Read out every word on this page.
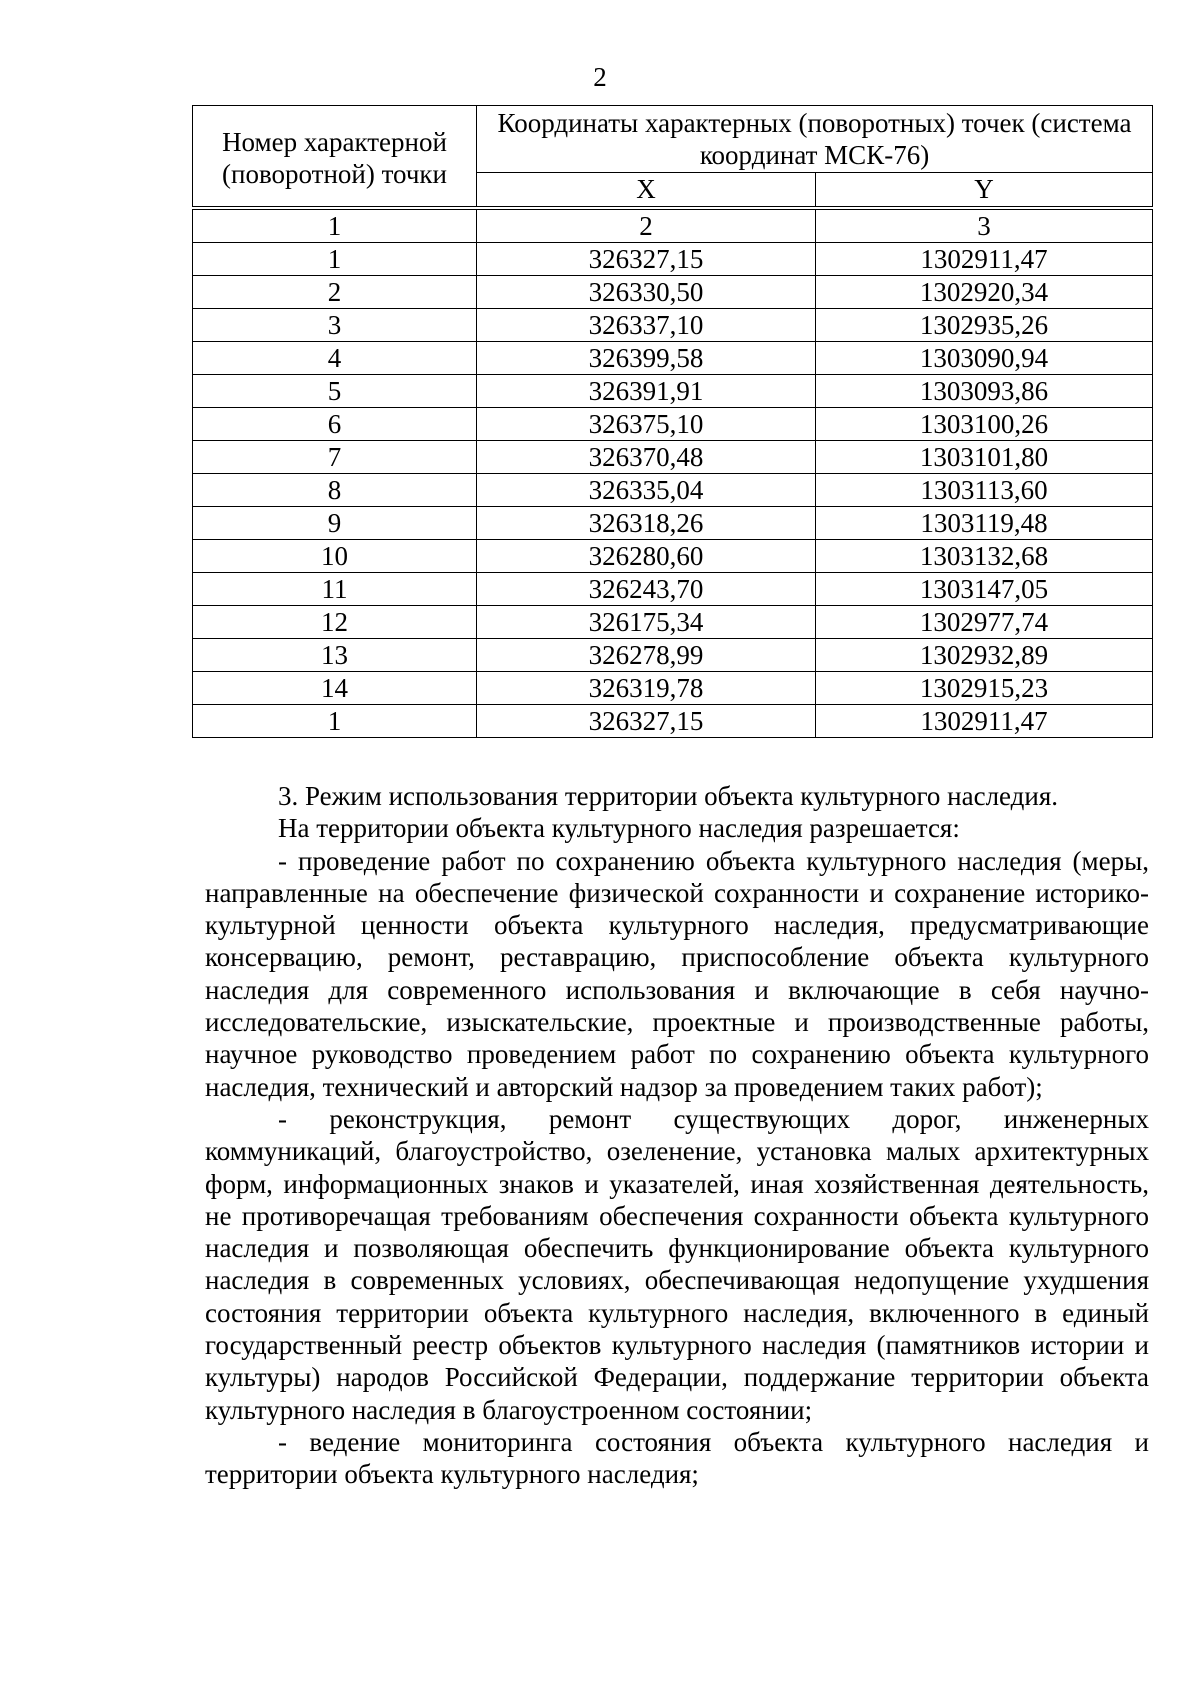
2
Номер характерной (поворотной) точки	Координаты характерных (поворотных) точек (система координат МСК-76)	
	X	Y
1	2	3
1	326327,15	1302911,47
2	326330,50	1302920,34
3	326337,10	1302935,26
4	326399,58	1303090,94
5	326391,91	1303093,86
6	326375,10	1303100,26
7	326370,48	1303101,80
8	326335,04	1303113,60
9	326318,26	1303119,48
10	326280,60	1303132,68
11	326243,70	1303147,05
12	326175,34	1302977,74
13	326278,99	1302932,89
14	326319,78	1302915,23
1	326327,15	1302911,47

3. Режим использования территории объекта культурного наследия.

На территории объекта культурного наследия разрешается:

- проведение работ по сохранению объекта культурного наследия (меры, направленные на обеспечение физической сохранности и сохранение историко-культурной ценности объекта культурного наследия, предусматривающие консервацию, ремонт, реставрацию, приспособление объекта культурного наследия для современного использования и включающие в себя научно-исследовательские, изыскательские, проектные и производственные работы, научное руководство проведением работ по сохранению объекта культурного наследия, технический и авторский надзор за проведением таких работ);

- реконструкция, ремонт существующих дорог, инженерных коммуникаций, благоустройство, озеленение, установка малых архитектурных форм, информационных знаков и указателей, иная хозяйственная деятельность, не противоречащая требованиям обеспечения сохранности объекта культурного наследия и позволяющая обеспечить функционирование объекта культурного наследия в современных условиях, обеспечивающая недопущение ухудшения состояния территории объекта культурного наследия, включенного в единый государственный реестр объектов культурного наследия (памятников истории и культуры) народов Российской Федерации, поддержание территории объекта культурного наследия в благоустроенном состоянии;

- ведение мониторинга состояния объекта культурного наследия и территории объекта культурного наследия;
